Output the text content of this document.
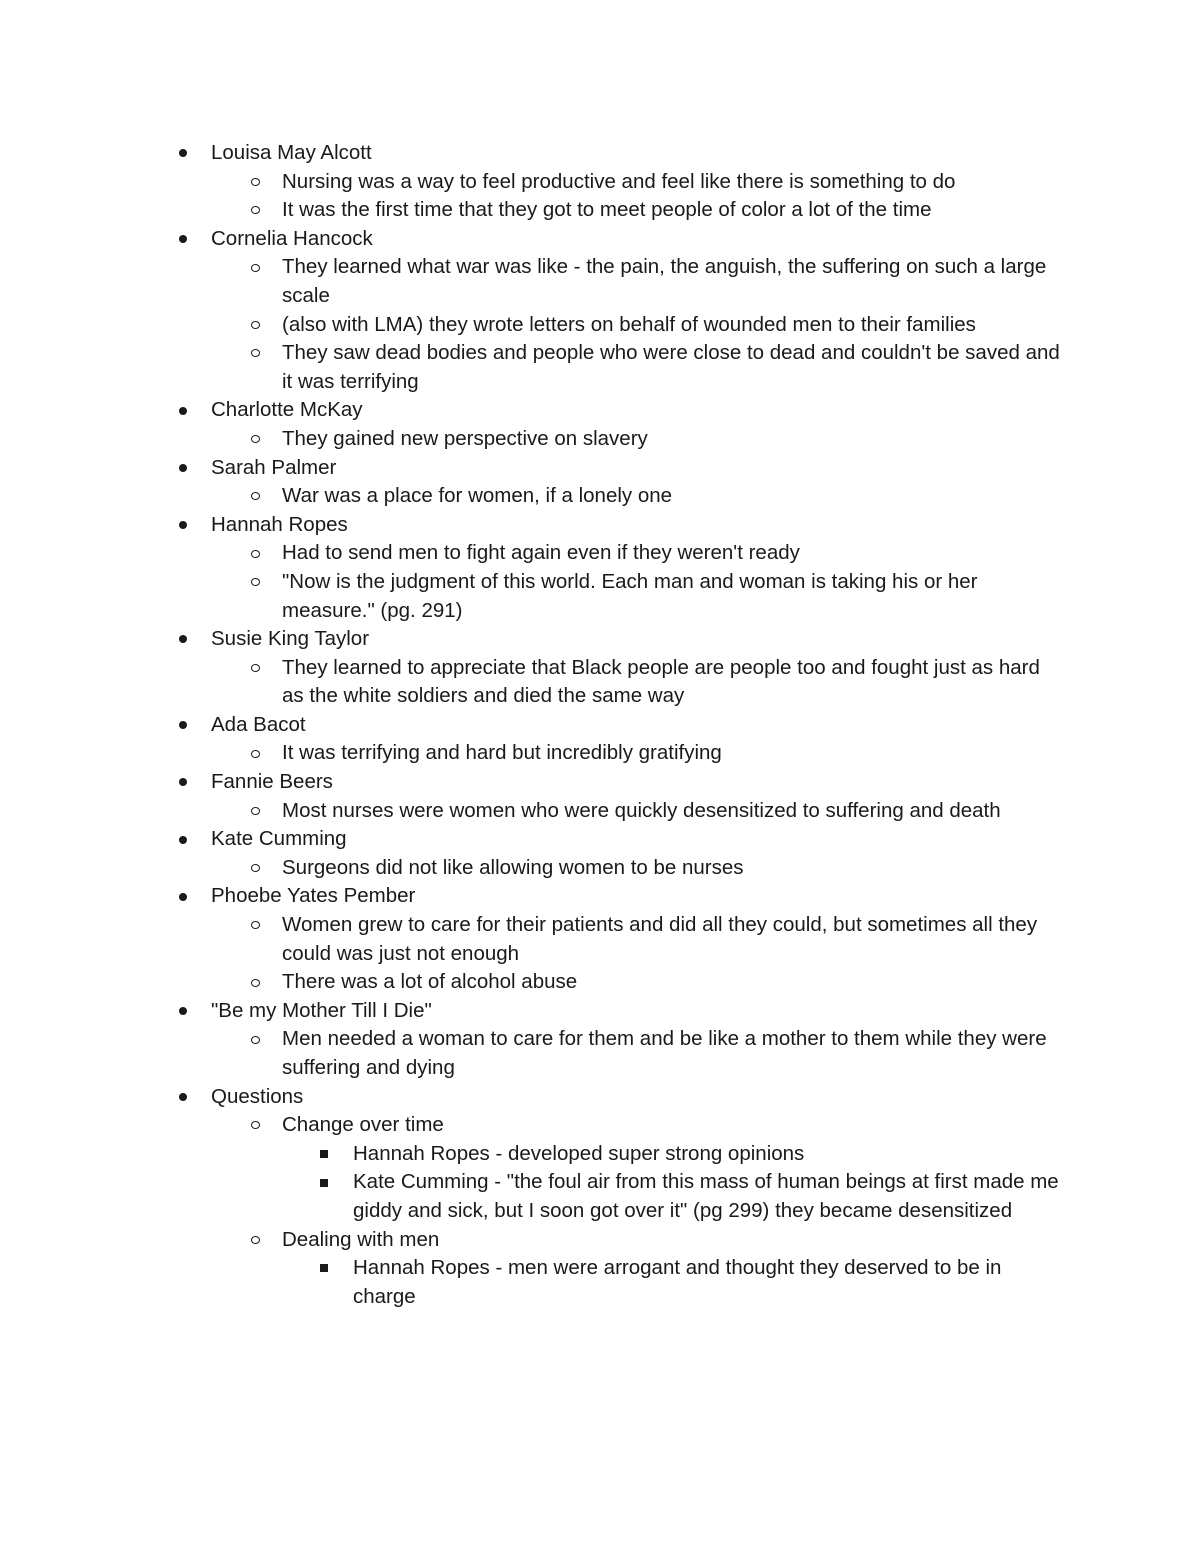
Louisa May Alcott
Nursing was a way to feel productive and feel like there is something to do
It was the first time that they got to meet people of color a lot of the time
Cornelia Hancock
They learned what war was like - the pain, the anguish, the suffering on such a large scale
(also with LMA) they wrote letters on behalf of wounded men to their families
They saw dead bodies and people who were close to dead and couldn't be saved and it was terrifying
Charlotte McKay
They gained new perspective on slavery
Sarah Palmer
War was a place for women, if a lonely one
Hannah Ropes
Had to send men to fight again even if they weren't ready
"Now is the judgment of this world. Each man and woman is taking his or her measure." (pg. 291)
Susie King Taylor
They learned to appreciate that Black people are people too and fought just as hard as the white soldiers and died the same way
Ada Bacot
It was terrifying and hard but incredibly gratifying
Fannie Beers
Most nurses were women who were quickly desensitized to suffering and death
Kate Cumming
Surgeons did not like allowing women to be nurses
Phoebe Yates Pember
Women grew to care for their patients and did all they could, but sometimes all they could was just not enough
There was a lot of alcohol abuse
"Be my Mother Till I Die"
Men needed a woman to care for them and be like a mother to them while they were suffering and dying
Questions
Change over time
Hannah Ropes - developed super strong opinions
Kate Cumming - "the foul air from this mass of human beings at first made me giddy and sick, but I soon got over it" (pg 299) they became desensitized
Dealing with men
Hannah Ropes - men were arrogant and thought they deserved to be in charge
